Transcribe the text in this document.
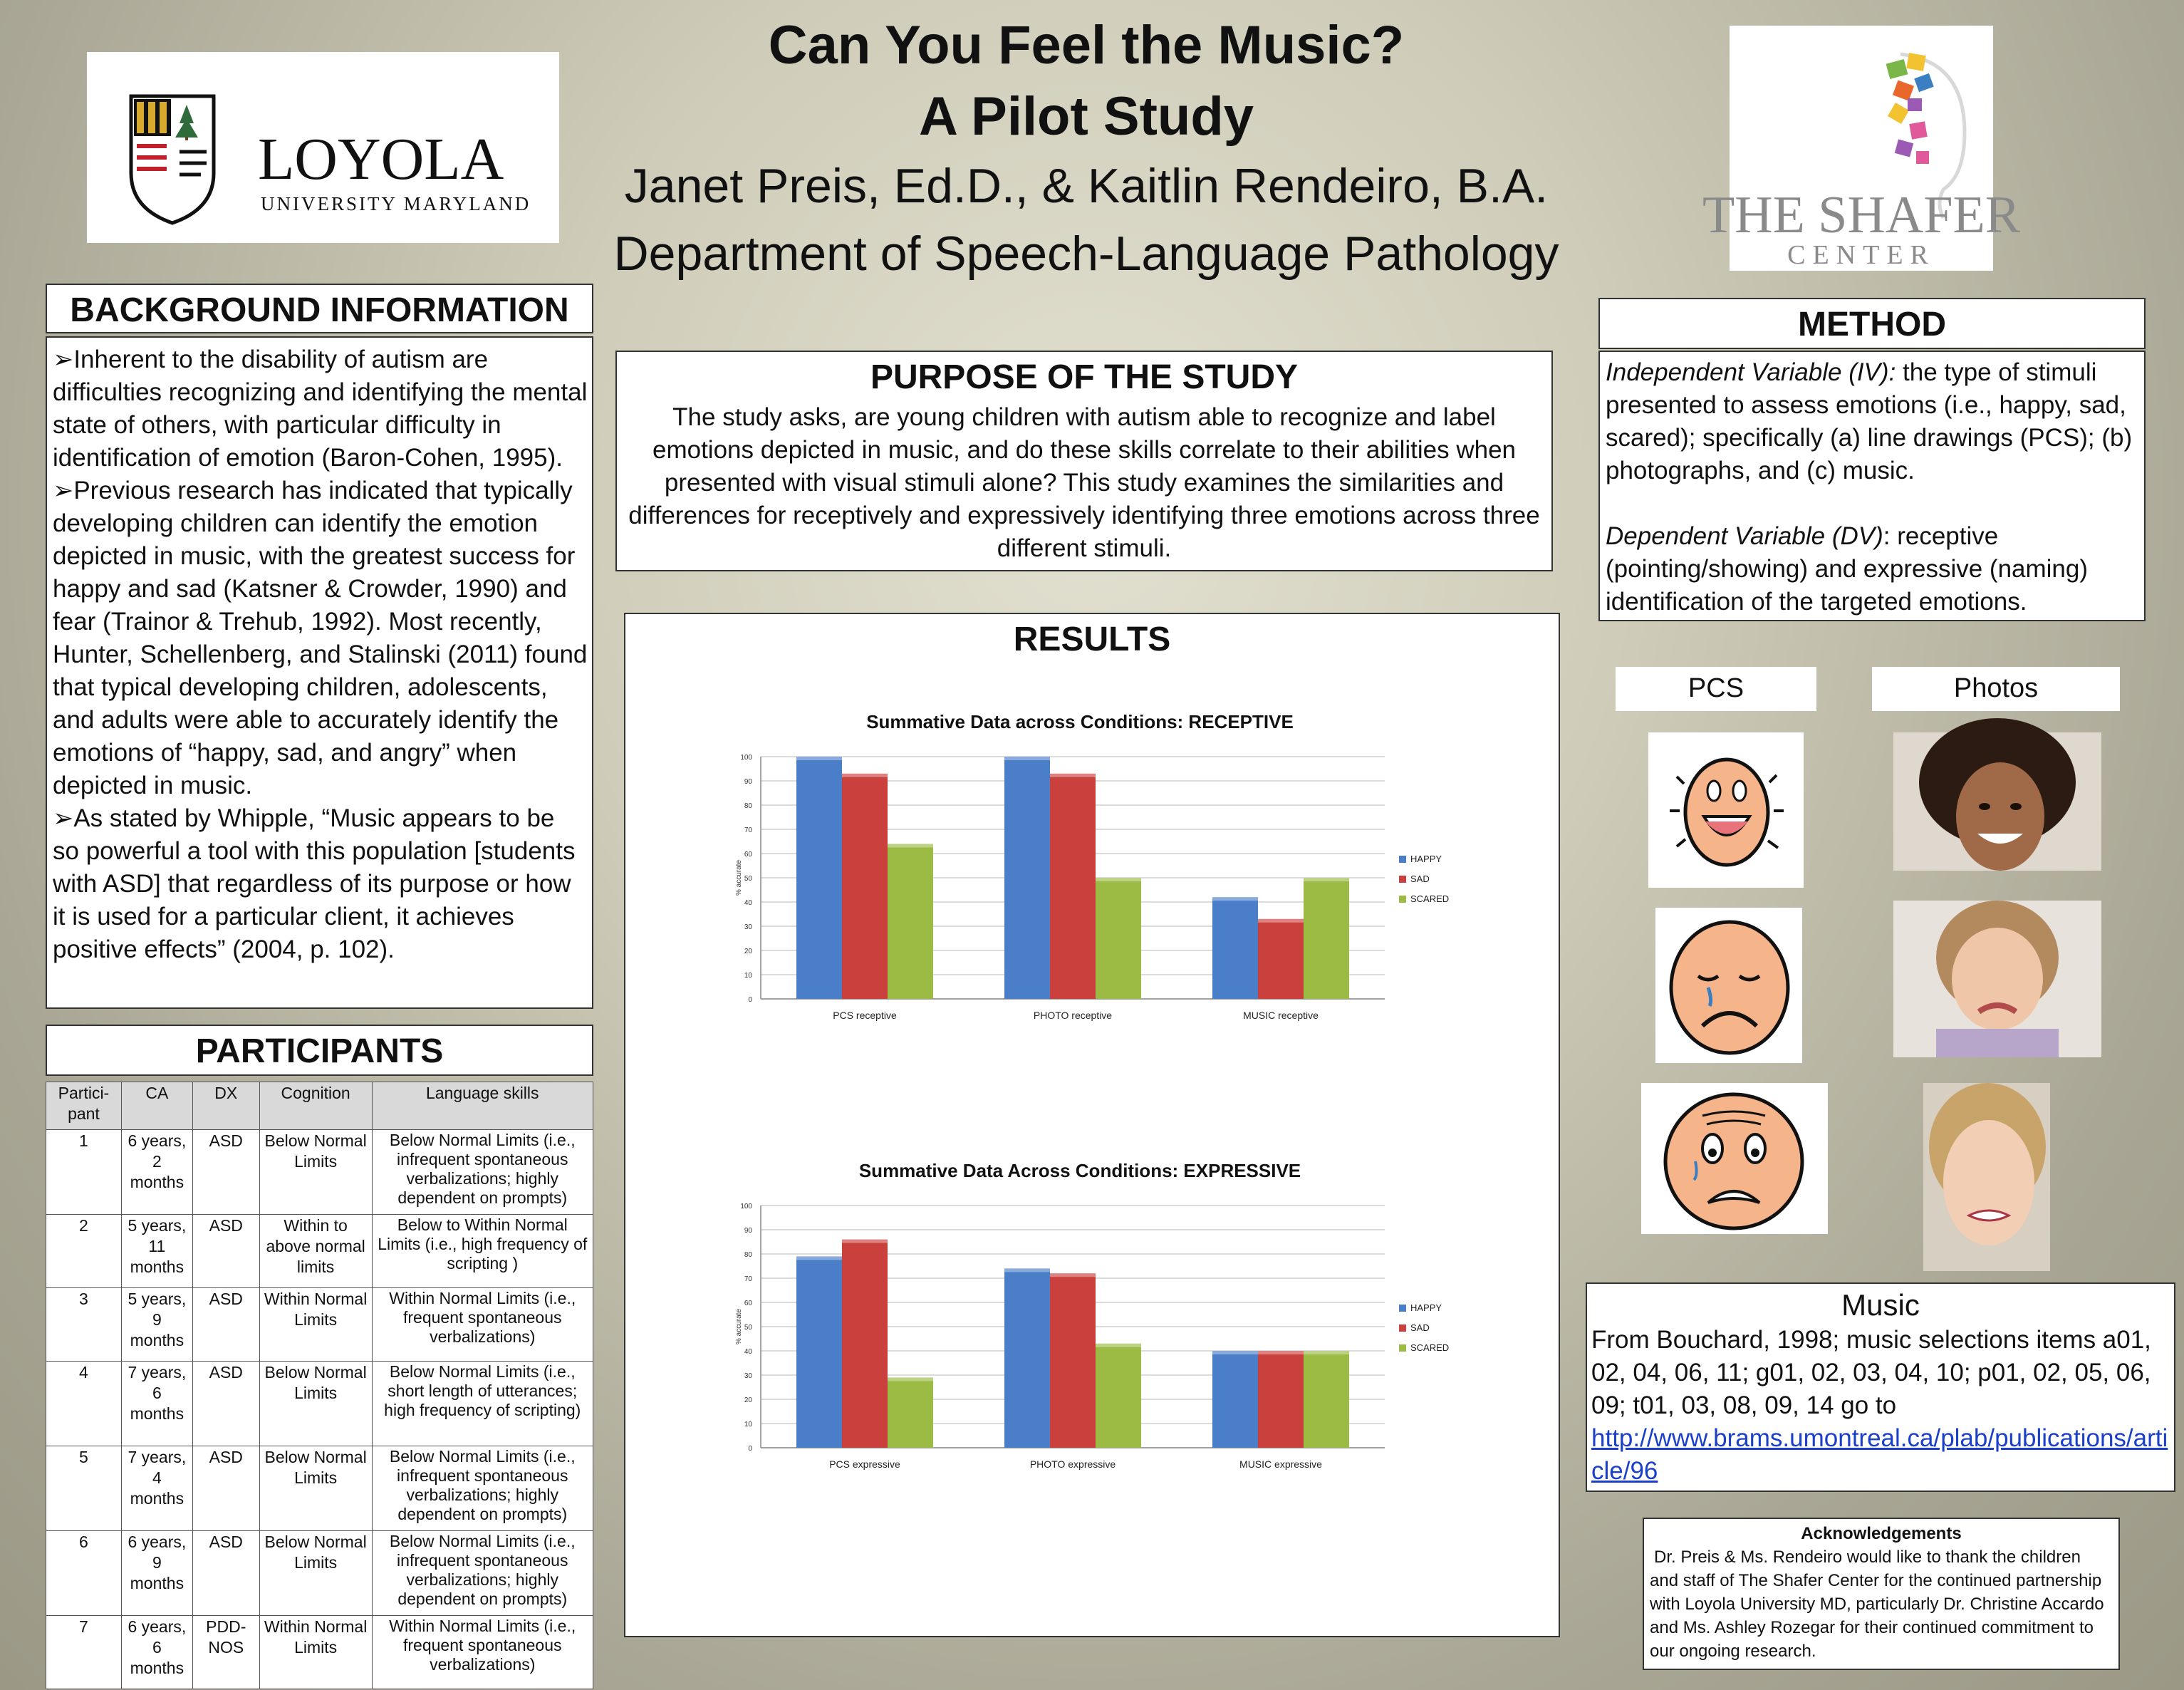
Can You Feel the Music?
A Pilot Study
Janet Preis, Ed.D., & Kaitlin Rendeiro, B.A.
Department of Speech-Language Pathology
LOYOLA
UNIVERSITY MARYLAND	THE SHAFER
CENTER
BACKGROUND INFORMATION

➢Inherent to the disability of autism are difficulties recognizing and identifying the mental state of others, with particular difficulty in identification of emotion (Baron-Cohen, 1995).

➢Previous research has indicated that typically developing children can identify the emotion depicted in music, with the greatest success for happy and sad (Katsner & Crowder, 1990) and fear (Trainor & Trehub, 1992). Most recently, Hunter, Schellenberg, and Stalinski (2011) found that typical developing children, adolescents, and adults were able to accurately identify the emotions of “happy, sad, and angry” when depicted in music.

➢As stated by Whipple, “Music appears to be so powerful a tool with this population [students with ASD] that regardless of its purpose or how it is used for a particular client, it achieves positive effects” (2004, p. 102).

PARTICIPANTS
Partici-pant	CA	DX	Cognition	Language skills
1	6 years, 2 months	ASD	Below Normal Limits	Below Normal Limits (i.e., infrequent spontaneous verbalizations; highly dependent on prompts)
2	5 years, 11 months	ASD	Within to above normal limits	Below to Within Normal Limits (i.e., high frequency of scripting )
3	5 years, 9 months	ASD	Within Normal Limits	Within Normal Limits (i.e., frequent spontaneous verbalizations)
4	7 years, 6 months	ASD	Below Normal Limits	Below Normal Limits (i.e., short length of utterances; high frequency of scripting)
5	7 years, 4 months	ASD	Below Normal Limits	Below Normal Limits (i.e., infrequent spontaneous verbalizations; highly dependent on prompts)
6	6 years, 9 months	ASD	Below Normal Limits	Below Normal Limits (i.e., infrequent spontaneous verbalizations; highly dependent on prompts)
7	6 years, 6 months	PDD-NOS	Within Normal Limits	Within Normal Limits (i.e., frequent spontaneous verbalizations)
PURPOSE OF THE STUDY
The study asks, are young children with autism able to recognize and label emotions depicted in music, and do these skills correlate to their abilities when presented with visual stimuli alone? This study examines the similarities and differences for receptively and expressively identifying three emotions across three different stimuli.
RESULTS
Summative Data across Conditions: RECEPTIVE
0
10
20
30
40
50
60
70
80
90
100
% accurate
PCS receptive	PHOTO receptive	MUSIC receptive
HAPPY
SAD
SCARED
Summative Data Across Conditions: EXPRESSIVE
0
10
20
30
40
50
60
70
80
90
100
% accurate
PCS expressive	PHOTO expressive	MUSIC expressive
HAPPY
SAD
SCARED
METHOD

Independent Variable (IV): the type of stimuli presented to assess emotions (i.e., happy, sad, scared); specifically (a) line drawings (PCS); (b) photographs, and (c) music.

Dependent Variable (DV): receptive (pointing/showing) and expressive (naming) identification of the targeted emotions.

PCS	Photos
Music
From Bouchard, 1998; music selections items a01, 02, 04, 06, 11; g01, 02, 03, 04, 10; p01, 02, 05, 06, 09; t01, 03, 08, 09, 14 go to
http://www.brams.umontreal.ca/plab/publications/article/96
Acknowledgements
Dr. Preis & Ms. Rendeiro would like to thank the children and staff of The Shafer Center for the continued partnership with Loyola University MD, particularly Dr. Christine Accardo and Ms. Ashley Rozegar for their continued commitment to our ongoing research.
